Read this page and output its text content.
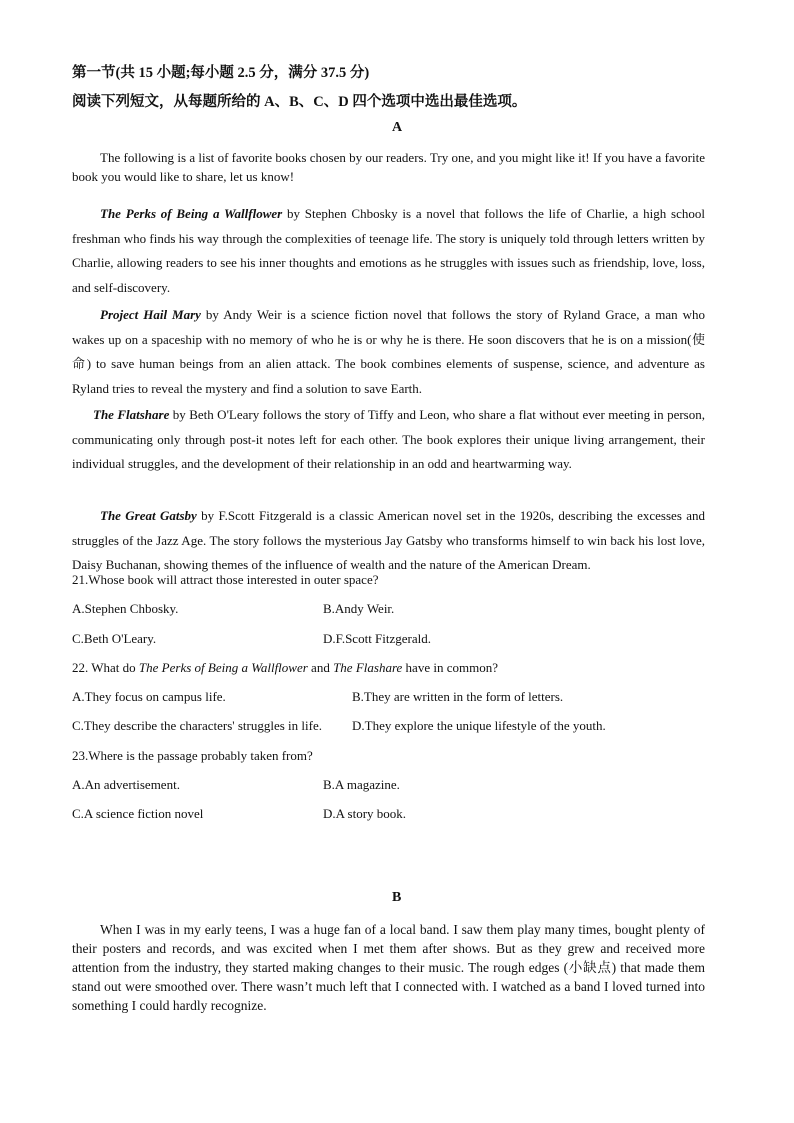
第一节(共 15 小题;每小题 2.5 分，满分 37.5 分)
阅读下列短文，从每题所给的 A、B、C、D 四个选项中选出最佳选项。
A

The following is a list of favorite books chosen by our readers. Try one, and you might like it! If you have a favorite book you would like to share, let us know!

The Perks of Being a Wallflower by Stephen Chbosky is a novel that follows the life of Charlie, a high school freshman who finds his way through the complexities of teenage life. The story is uniquely told through letters written by Charlie, allowing readers to see his inner thoughts and emotions as he struggles with issues such as friendship, love, loss, and self-discovery.

Project Hail Mary by Andy Weir is a science fiction novel that follows the story of Ryland Grace, a man who wakes up on a spaceship with no memory of who he is or why he is there. He soon discovers that he is on a mission(使命) to save human beings from an alien attack. The book combines elements of suspense, science, and adventure as Ryland tries to reveal the mystery and find a solution to save Earth.

The Flatshare by Beth O'Leary follows the story of Tiffy and Leon, who share a flat without ever meeting in person, communicating only through post-it notes left for each other. The book explores their unique living arrangement, their individual struggles, and the development of their relationship in an odd and heartwarming way.

The Great Gatsby by F.Scott Fitzgerald is a classic American novel set in the 1920s, describing the excesses and struggles of the Jazz Age. The story follows the mysterious Jay Gatsby who transforms himself to win back his lost love, Daisy Buchanan, showing themes of the influence of wealth and the nature of the American Dream.

21.Whose book will attract those interested in outer space?
A.Stephen Chbosky.	B.Andy Weir.
C.Beth O'Leary.	D.F.Scott Fitzgerald.
22. What do The Perks of Being a Wallflower and The Flashare have in common?
A.They focus on campus life.	B.They are written in the form of letters.
C.They describe the characters' struggles in life. D.They explore the unique lifestyle of the youth.
23.Where is the passage probably taken from?
A.An advertisement.	B.A magazine.
C.A science fiction novel	D.A story book.
B

When I was in my early teens, I was a huge fan of a local band. I saw them play many times, bought plenty of their posters and records, and was excited when I met them after shows. But as they grew and received more attention from the industry, they started making changes to their music. The rough edges (小缺点) that made them stand out were smoothed over. There wasn’t much left that I connected with. I watched as a band I loved turned into something I could hardly recognize.
